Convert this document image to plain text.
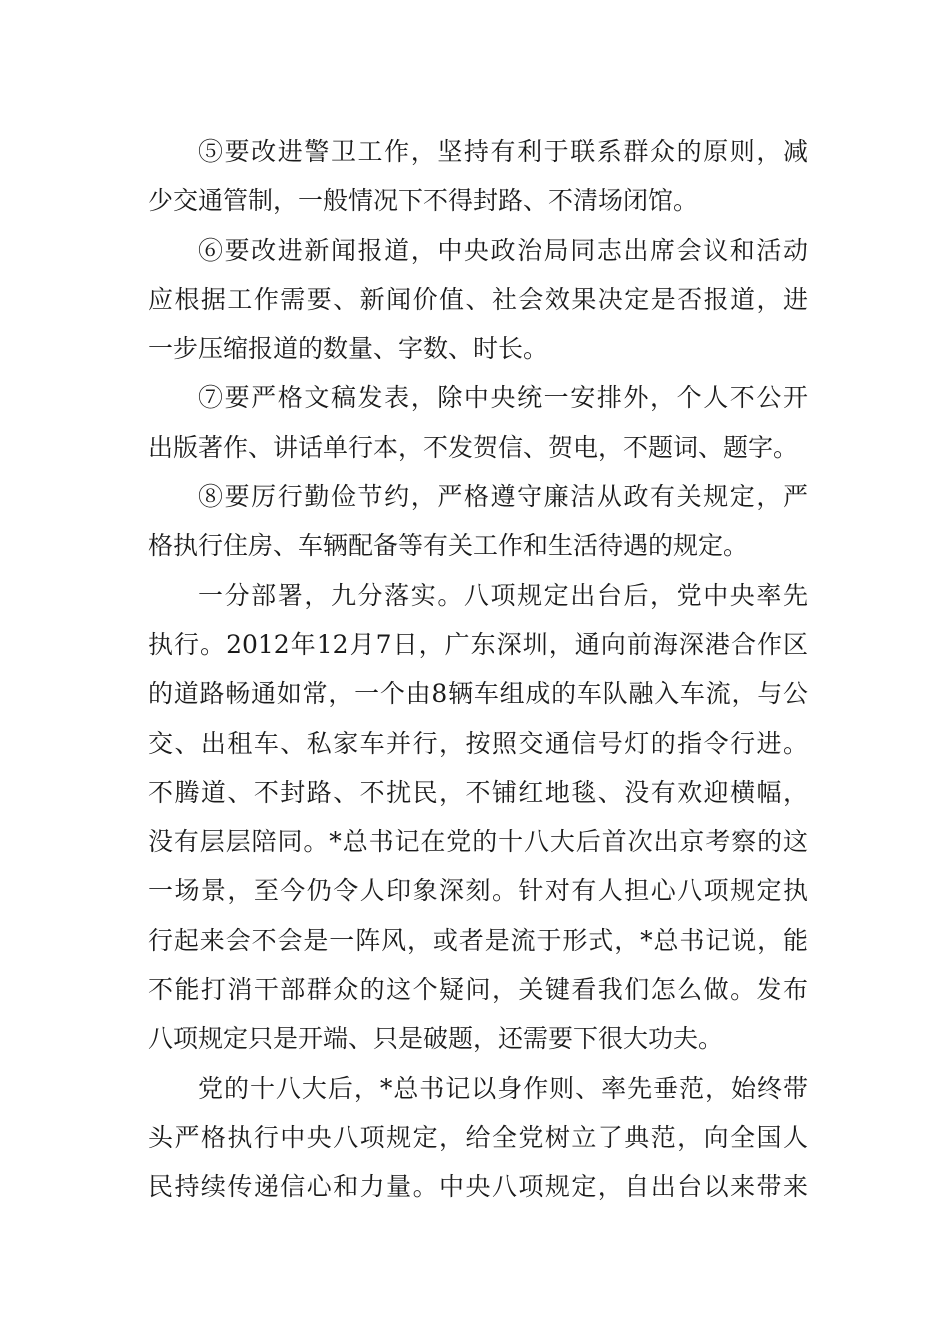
⑤要改进警卫工作，坚持有利于联系群众的原则，减
少交通管制，一般情况下不得封路、不清场闭馆。
⑥要改进新闻报道，中央政治局同志出席会议和活动
应根据工作需要、新闻价值、社会效果决定是否报道，进
一步压缩报道的数量、字数、时长。
⑦要严格文稿发表，除中央统一安排外，个人不公开
出版著作、讲话单行本，不发贺信、贺电，不题词、题字。
⑧要厉行勤俭节约，严格遵守廉洁从政有关规定，严
格执行住房、车辆配备等有关工作和生活待遇的规定。
一分部署，九分落实。八项规定出台后，党中央率先
执行。2012年12月7日，广东深圳，通向前海深港合作区
的道路畅通如常，一个由8辆车组成的车队融入车流，与公
交、出租车、私家车并行，按照交通信号灯的指令行进。
不腾道、不封路、不扰民，不铺红地毯、没有欢迎横幅，
没有层层陪同。*总书记在党的十八大后首次出京考察的这
一场景，至今仍令人印象深刻。针对有人担心八项规定执
行起来会不会是一阵风，或者是流于形式，*总书记说，能
不能打消干部群众的这个疑问，关键看我们怎么做。发布
八项规定只是开端、只是破题，还需要下很大功夫。
党的十八大后，*总书记以身作则、率先垂范，始终带
头严格执行中央八项规定，给全党树立了典范，向全国人
民持续传递信心和力量。中央八项规定，自出台以来带来
